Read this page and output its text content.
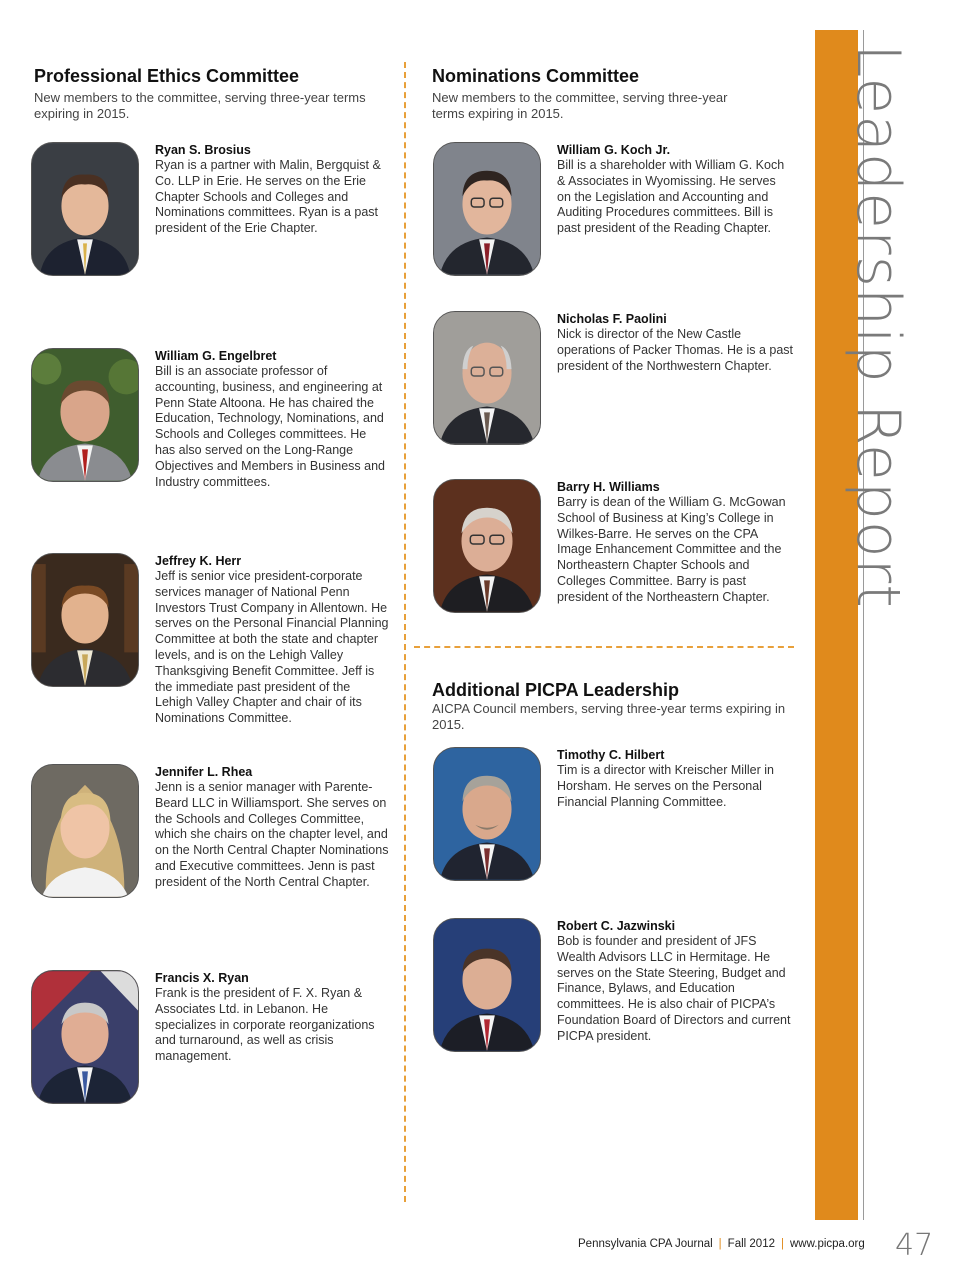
Leadership Report
Professional Ethics Committee
New members to the committee, serving three-year terms expiring in 2015.
Ryan S. Brosius
Ryan is a partner with Malin, Bergquist & Co. LLP in Erie. He serves on the Erie Chapter Schools and Colleges and Nominations committees. Ryan is a past president of the Erie Chapter.
William G. Engelbret
Bill is an associate professor of accounting, business, and engineering at Penn State Altoona. He has chaired the Education, Technology, Nominations, and Schools and Colleges committees. He has also served on the Long-Range Objectives and Members in Business and Industry committees.
Jeffrey K. Herr
Jeff is senior vice president-corporate services manager of National Penn Investors Trust Company in Allentown. He serves on the Personal Financial Planning Committee at both the state and chapter levels, and is on the Lehigh Valley Thanksgiving Benefit Committee. Jeff is the immediate past president of the Lehigh Valley Chapter and chair of its Nominations Committee.
Jennifer L. Rhea
Jenn is a senior manager with Parente-Beard LLC in Williamsport. She serves on the Schools and Colleges Committee, which she chairs on the chapter level, and on the North Central Chapter Nominations and Executive committees. Jenn is past president of the North Central Chapter.
Francis X. Ryan
Frank is the president of F. X. Ryan & Associates Ltd. in Lebanon. He specializes in corporate reorganizations and turnaround, as well as crisis management.
Nominations Committee
New members to the committee, serving three-year terms expiring in 2015.
William G. Koch Jr.
Bill is a shareholder with William G. Koch & Associates in Wyomissing. He serves on the Legislation and Accounting and Auditing Procedures committees. Bill is past president of the Reading Chapter.
Nicholas F. Paolini
Nick is director of the New Castle operations of Packer Thomas. He is a past president of the Northwestern Chapter.
Barry H. Williams
Barry is dean of the William G. McGowan School of Business at King’s College in Wilkes-Barre. He serves on the CPA Image Enhancement Committee and the Northeastern Chapter Schools and Colleges Committee. Barry is past president of the Northeastern Chapter.
Additional PICPA Leadership
AICPA Council members, serving three-year terms expiring in 2015.
Timothy C. Hilbert
Tim is a director with Kreischer Miller in Horsham. He serves on the Personal Financial Planning Committee.
Robert C. Jazwinski
Bob is founder and president of JFS Wealth Advisors LLC in Hermitage. He serves on the State Steering, Budget and Finance, Bylaws, and Education committees. He is also chair of PICPA’s Foundation Board of Directors and current PICPA president.
Pennsylvania CPA Journal | Fall 2012 | www.picpa.org 47
